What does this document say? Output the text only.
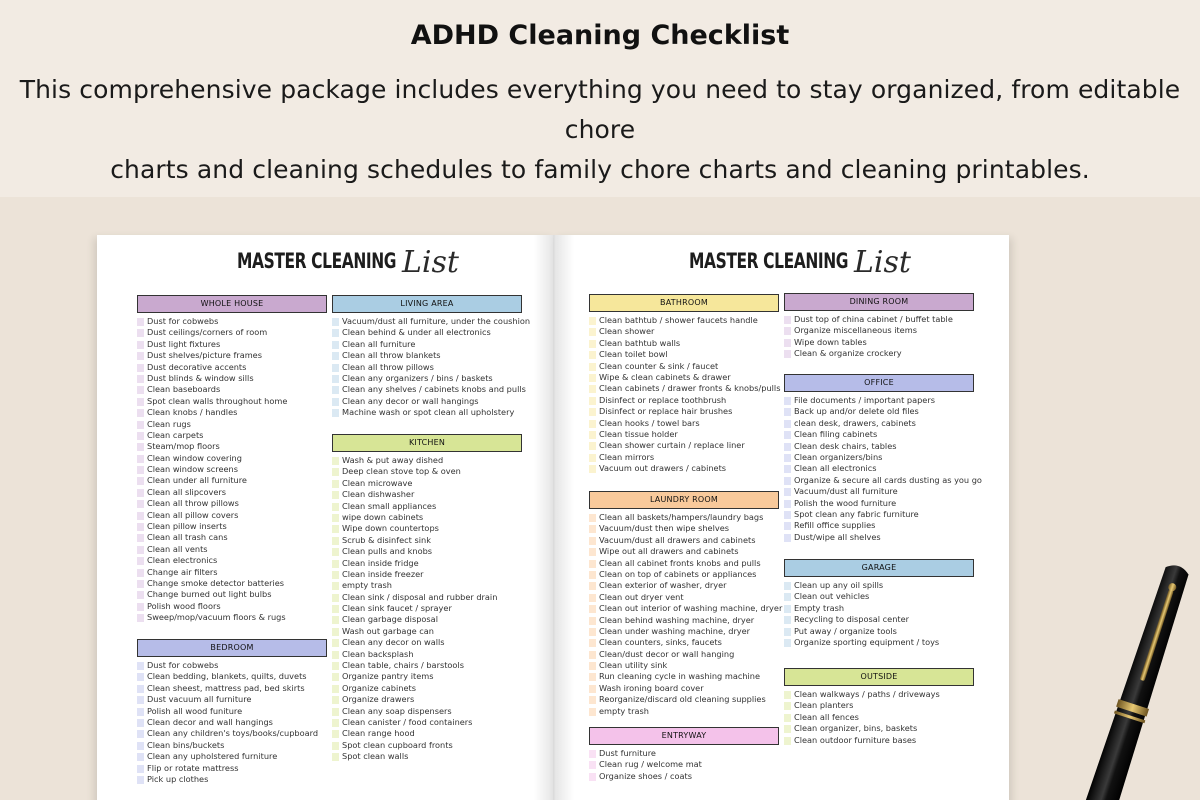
ADHD Cleaning Checklist
This comprehensive package includes everything you need to stay organized, from editable chore
charts and cleaning schedules to family chore charts and cleaning printables.
MASTER CLEANING List
WHOLE HOUSE
Dust for cobwebs
Dust ceilings/corners of room
Dust light fixtures
Dust shelves/picture frames
Dust decorative accents
Dust blinds & window sills
Clean baseboards
Spot clean walls throughout home
Clean knobs / handles
Clean rugs
Clean carpets
Steam/mop floors
Clean window covering
Clean window screens
Clean under all furniture
Clean all slipcovers
Clean all throw pillows
Clean all pillow covers
Clean pillow inserts
Clean all trash cans
Clean all vents
Clean electronics
Change air filters
Change smoke detector batteries
Change burned out light bulbs
Polish wood floors
Sweep/mop/vacuum floors & rugs
BEDROOM
Dust for cobwebs
Clean bedding, blankets, quilts, duvets
Clean sheest, mattress pad, bed skirts
Dust vacuum all furniture
Polish all wood funiture
Clean decor and wall hangings
Clean any children's toys/books/cupboard
Clean bins/buckets
Clean any upholstered furniture
Flip or rotate mattress
Pick up clothes
LIVING AREA
Vacuum/dust all furniture, under the coushion
Clean behind & under all electronics
Clean all furniture
Clean all throw blankets
Clean all throw pillows
Clean any organizers / bins / baskets
Clean any shelves / cabinets knobs and pulls
Clean any decor or wall hangings
Machine wash or spot clean all upholstery
KITCHEN
Wash & put away dished
Deep clean stove top & oven
Clean microwave
Clean dishwasher
Clean small appliances
wipe down cabinets
Wipe down countertops
Scrub & disinfect sink
Clean pulls and knobs
Clean inside fridge
Clean inside freezer
empty trash
Clean sink / disposal and rubber drain
Clean sink faucet / sprayer
Clean garbage disposal
Wash out garbage can
Clean any decor on walls
Clean backsplash
Clean table, chairs / barstools
Organize pantry items
Organize cabinets
Organize drawers
Clean any soap dispensers
Clean canister / food containers
Clean range hood
Spot clean cupboard fronts
Spot clean walls
MASTER CLEANING List
BATHROOM
Clean bathtub / shower faucets handle
Clean shower
Clean bathtub walls
Clean toilet bowl
Clean counter & sink / faucet
Wipe & clean cabinets & drawer
Clean cabinets / drawer fronts & knobs/pulls
Disinfect or replace toothbrush
Disinfect or replace hair brushes
Clean hooks / towel bars
Clean tissue holder
Clean shower curtain / replace liner
Clean mirrors
Vacuum out drawers / cabinets
LAUNDRY ROOM
Clean all baskets/hampers/laundry bags
Vacuum/dust then wipe shelves
Vacuum/dust all drawers and cabinets
Wipe out all drawers and cabinets
Clean all cabinet fronts knobs and pulls
Clean on top of cabinets or appliances
Clean exterior of washer, dryer
Clean out dryer vent
Clean out interior of washing machine, dryer
Clean behind washing machine, dryer
Clean under washing machine, dryer
Clean counters, sinks, faucets
Clean/dust decor or wall hanging
Clean utility sink
Run cleaning cycle in washing machine
Wash ironing board cover
Reorganize/discard old cleaning supplies
empty trash
ENTRYWAY
Dust furniture
Clean rug / welcome mat
Organize shoes / coats
DINING ROOM
Dust top of china cabinet / buffet table
Organize miscellaneous items
Wipe down tables
Clean & organize crockery
OFFICE
File documents / important papers
Back up and/or delete old files
clean desk, drawers, cabinets
Clean filing cabinets
Clean desk chairs, tables
Clean organizers/bins
Clean all electronics
Organize & secure all cards dusting as you go
Vacuum/dust all furniture
Polish the wood furniture
Spot clean any fabric furniture
Refill office supplies
Dust/wipe all shelves
GARAGE
Clean up any oil spills
Clean out vehicles
Empty trash
Recycling to disposal center
Put away / organize tools
Organize sporting equipment / toys
OUTSIDE
Clean walkways / paths / driveways
Clean planters
Clean all fences
Clean organizer, bins, baskets
Clean outdoor furniture bases
